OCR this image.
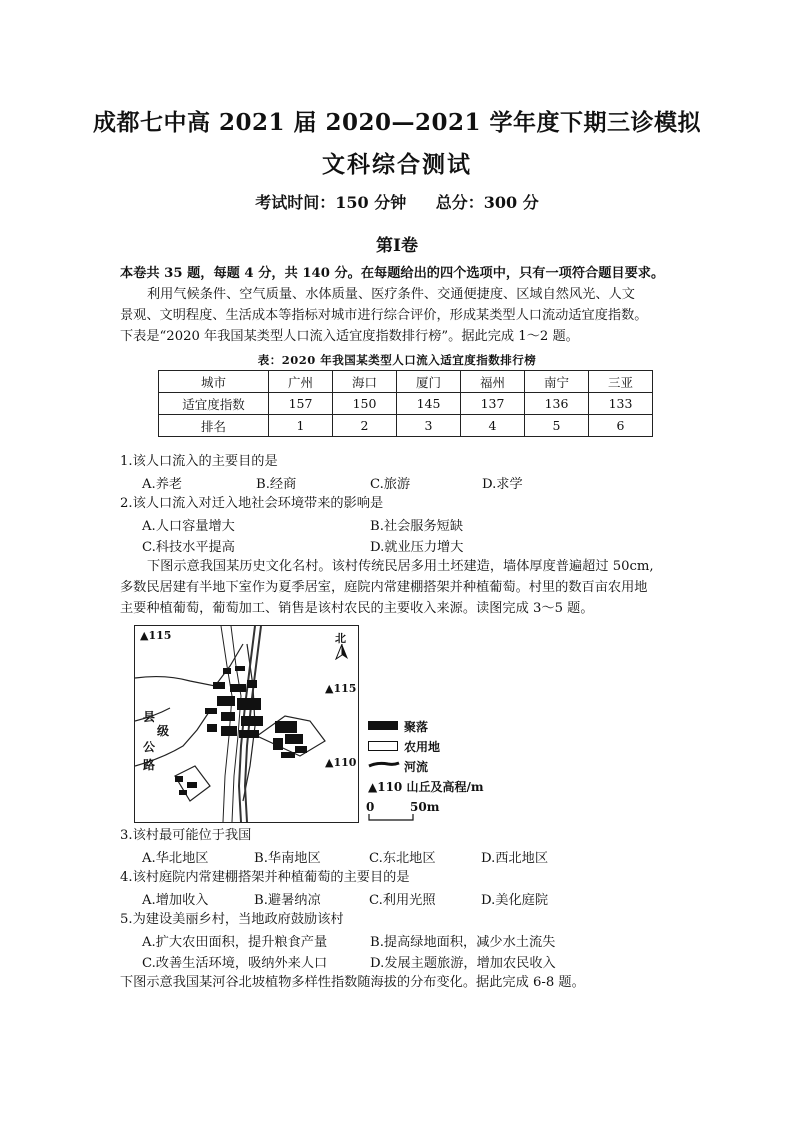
成都七中高 2021 届 2020—2021 学年度下期三诊模拟
文科综合测试
考试时间：150 分钟 总分：300 分
第Ⅰ卷
本卷共 35 题，每题 4 分，共 140 分。在每题给出的四个选项中，只有一项符合题目要求。
利用气候条件、空气质量、水体质量、医疗条件、交通便捷度、区域自然风光、人文
景观、文明程度、生活成本等指标对城市进行综合评价，形成某类型人口流动适宜度指数。
下表是“2020 年我国某类型人口流入适宜度指数排行榜”。据此完成 1～2 题。
表：2020 年我国某类型人口流入适宜度指数排行榜
城市	广州	海口	厦门	福州	南宁	三亚
适宜度指数	157	150	145	137	136	133
排名	1	2	3	4	5	6
1.该人口流入的主要目的是
A.养老	B.经商	C.旅游	D.求学
2.该人口流入对迁入地社会环境带来的影响是
A.人口容量增大	B.社会服务短缺
C.科技水平提高	D.就业压力增大
下图示意我国某历史文化名村。该村传统民居多用土坯建造，墙体厚度普遍超过 50cm,
多数民居建有半地下室作为夏季居室，庭院内常建棚搭架并种植葡萄。村里的数百亩农用地
主要种植葡萄，葡萄加工、销售是该村农民的主要收入来源。读图完成 3～5 题。
▲115
▲115
▲110
北
县
级
公
路
聚落
农用地
河流
▲110 山丘及高程/m
0	50m
3.该村最可能位于我国
A.华北地区	B.华南地区	C.东北地区	D.西北地区
4.该村庭院内常建棚搭架并种植葡萄的主要目的是
A.增加收入	B.避暑纳凉	C.利用光照	D.美化庭院
5.为建设美丽乡村，当地政府鼓励该村
A.扩大农田面积，提升粮食产量	B.提高绿地面积，减少水土流失
C.改善生活环境，吸纳外来人口	D.发展主题旅游，增加农民收入
下图示意我国某河谷北坡植物多样性指数随海拔的分布变化。据此完成 6-8 题。
